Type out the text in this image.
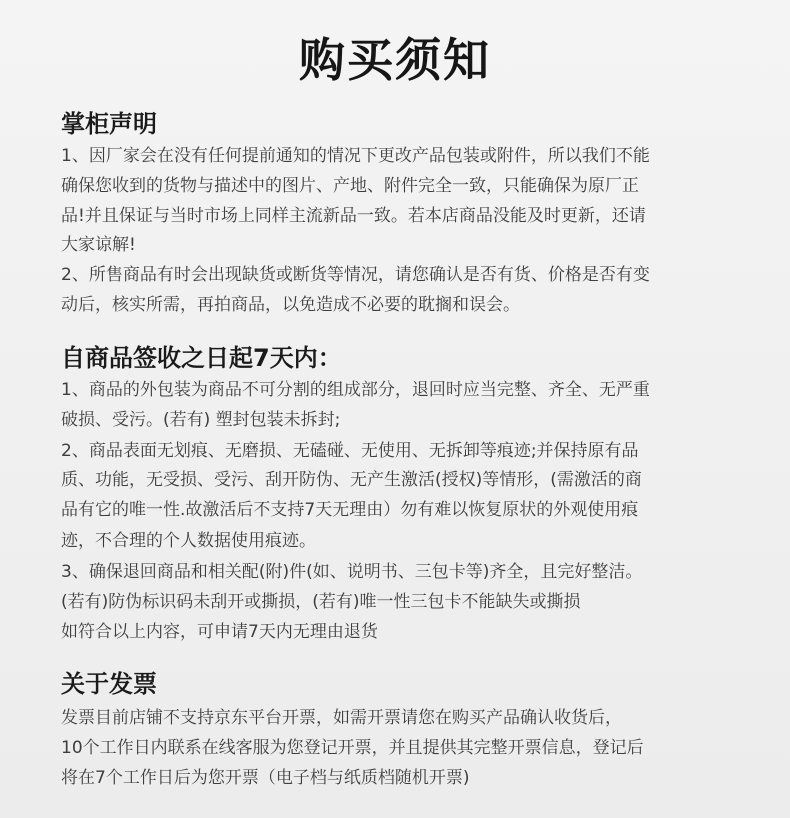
购买须知
掌柜声明
1、因厂家会在没有任何提前通知的情况下更改产品包装或附件，所以我们不能
确保您收到的货物与描述中的图片、产地、附件完全一致，只能确保为原厂正
品!并且保证与当时市场上同样主流新品一致。若本店商品没能及时更新，还请
大家谅解!
2、所售商品有时会出现缺货或断货等情况，请您确认是否有货、价格是否有变
动后，核实所需，再拍商品，以免造成不必要的耽搁和误会。
自商品签收之日起7天内：
1、商品的外包装为商品不可分割的组成部分，退回时应当完整、齐全、无严重
破损、受污。(若有) 塑封包装未拆封;
2、商品表面无划痕、无磨损、无磕碰、无使用、无拆卸等痕迹;并保持原有品
质、功能，无受损、受污、刮开防伪、无产生激活(授权)等情形，(需激活的商
品有它的唯一性.故激活后不支持7天无理由）勿有难以恢复原状的外观使用痕
迹，不合理的个人数据使用痕迹。
3、确保退回商品和相关配(附)件(如、说明书、三包卡等)齐全，且完好整洁。
(若有)防伪标识码未刮开或撕损，(若有)唯一性三包卡不能缺失或撕损
如符合以上内容，可申请7天内无理由退货
关于发票
发票目前店铺不支持京东平台开票，如需开票请您在购买产品确认收货后，
10个工作日内联系在线客服为您登记开票，并且提供其完整开票信息，登记后
将在7个工作日后为您开票（电子档与纸质档随机开票)
